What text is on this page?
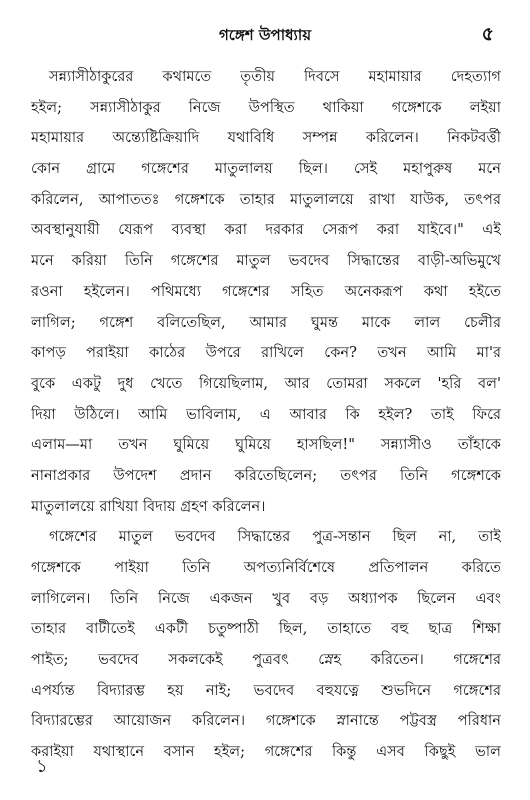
গঙ্গেশ উপাধ্যায়	৫
সন্ন্যাসীঠাকুরের কথামতে তৃতীয় দিবসে মহামায়ার দেহত্যাগ
হইল; সন্ন্যাসীঠাকুর নিজে উপস্থিত থাকিয়া গঙ্গেশকে লইয়া
মহামায়ার অন্ত্যেষ্টিক্রিয়াদি যথাবিধি সম্পন্ন করিলেন। নিকটবর্ত্তী
কোন গ্রামে গঙ্গেশের মাতুলালয় ছিল। সেই মহাপুরুষ মনে
করিলেন, আপাততঃ গঙ্গেশকে তাহার মাতুলালয়ে রাখা যাউক, তৎপর
অবস্থানুযায়ী যেরূপ ব্যবস্থা করা দরকার সেরূপ করা যাইবে।" এই
মনে করিয়া তিনি গঙ্গেশের মাতুল ভবদেব সিদ্ধান্তের বাড়ী-অভিমুখে
রওনা হইলেন। পথিমধ্যে গঙ্গেশের সহিত অনেকরূপ কথা হইতে
লাগিল; গঙ্গেশ বলিতেছিল, আমার ঘুমন্ত মাকে লাল চেলীর
কাপড় পরাইয়া কাঠের উপরে রাখিলে কেন? তখন আমি মা'র
বুকে একটু দুধ খেতে গিয়েছিলাম, আর তোমরা সকলে 'হরি বল'
দিয়া উঠিলে। আমি ভাবিলাম, এ আবার কি হইল? তাই ফিরে
এলাম—মা তখন ঘুমিয়ে ঘুমিয়ে হাসছিল!" সন্ন্যাসীও তাঁহাকে
নানাপ্রকার উপদেশ প্রদান করিতেছিলেন; তৎপর তিনি গঙ্গেশকে
মাতুলালয়ে রাখিয়া বিদায় গ্রহণ করিলেন।
গঙ্গেশের মাতুল ভবদেব সিদ্ধান্তের পুত্র-সন্তান ছিল না, তাই
গঙ্গেশকে পাইয়া তিনি অপত্যনির্বিশেষে প্রতিপালন করিতে
লাগিলেন। তিনি নিজে একজন খুব বড় অধ্যাপক ছিলেন এবং
তাহার বাটীতেই একটী চতুষ্পাঠী ছিল, তাহাতে বহু ছাত্র শিক্ষা
পাইত; ভবদেব সকলকেই পুত্রবৎ স্নেহ করিতেন। গঙ্গেশের
এপর্য্যন্ত বিদ্যারম্ভ হয় নাই; ভবদেব বহুযত্নে শুভদিনে গঙ্গেশের
বিদ্যারম্ভের আয়োজন করিলেন। গঙ্গেশকে স্নানান্তে পট্টবস্ত্র পরিধান
করাইয়া যথাস্থানে বসান হইল; গঙ্গেশের কিন্তু এসব কিছুই ভাল
১
